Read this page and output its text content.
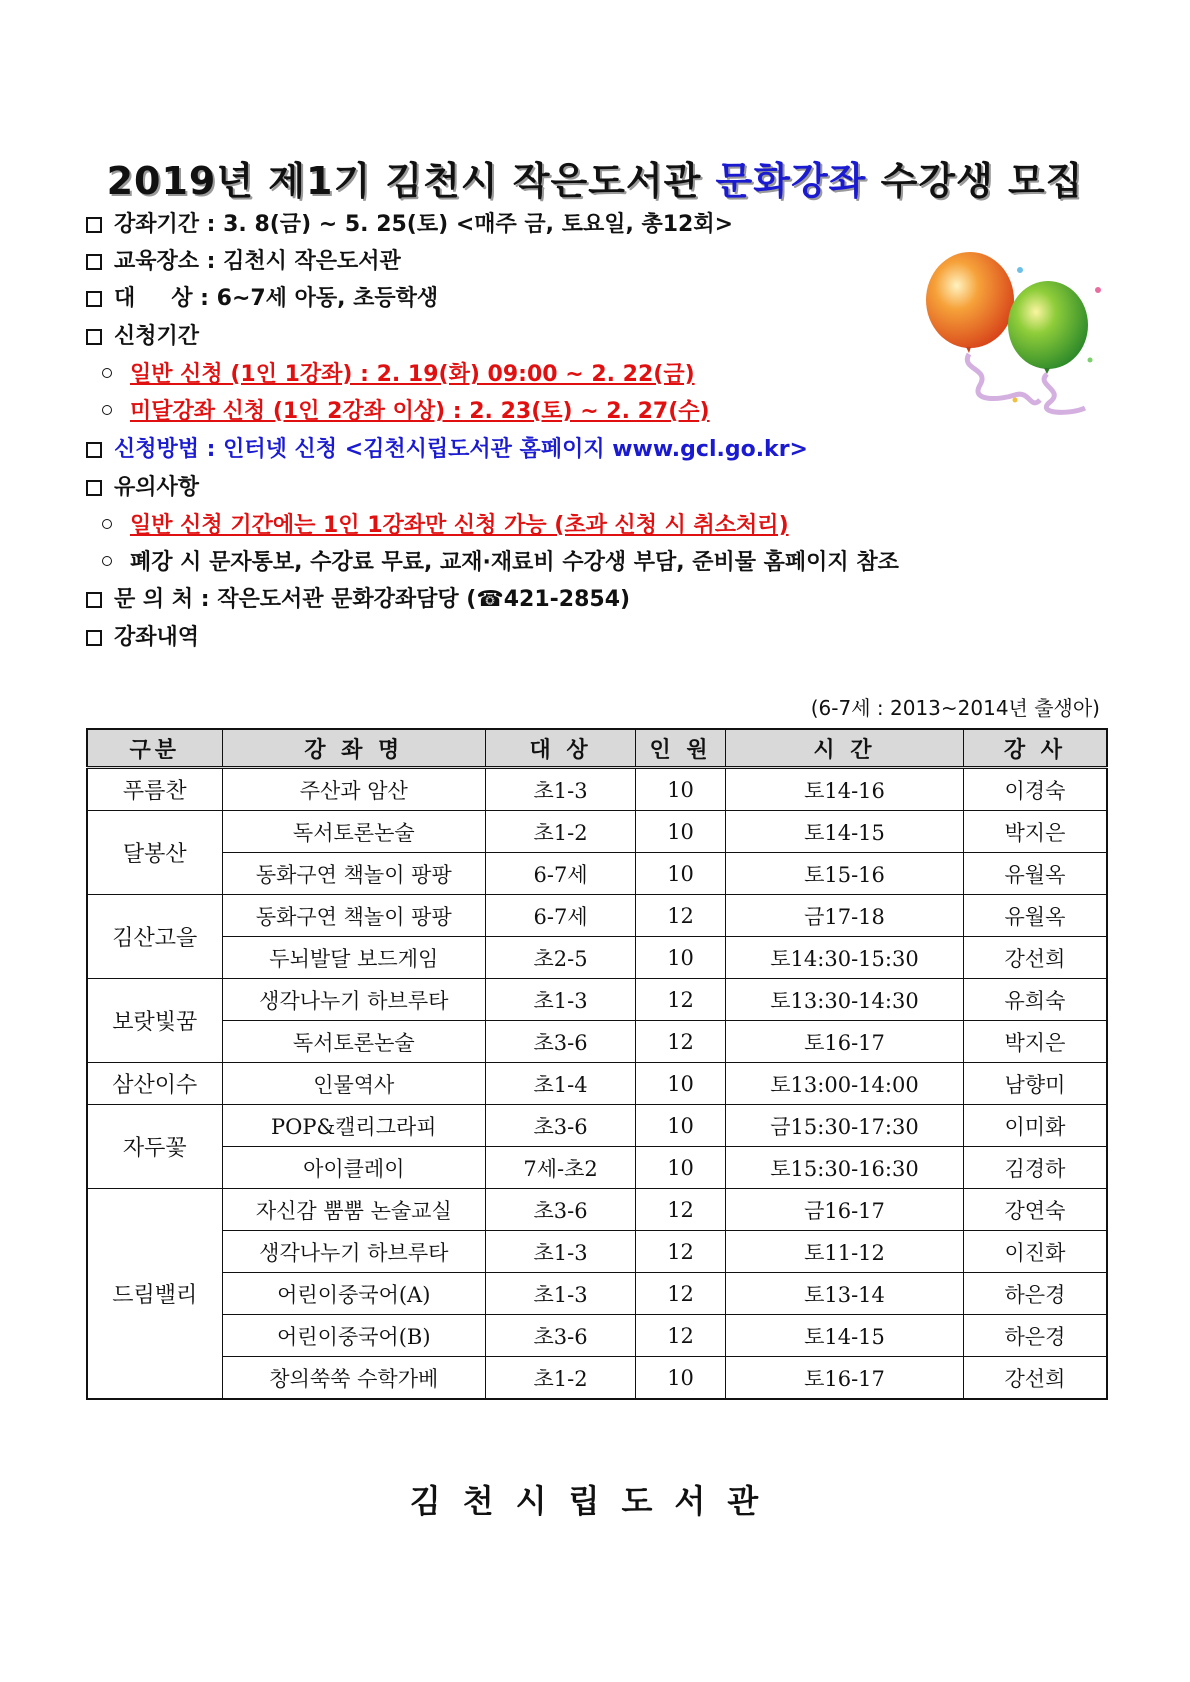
2019년 제1기 김천시 작은도서관 문화강좌 수강생 모집
강좌기간 : 3. 8(금) ~ 5. 25(토) <매주 금, 토요일, 총12회>
교육장소 : 김천시 작은도서관
대 상 : 6~7세 아동, 초등학생
신청기간
일반 신청 (1인 1강좌) : 2. 19(화) 09:00 ~ 2. 22(금)
미달강좌 신청 (1인 2강좌 이상) : 2. 23(토) ~ 2. 27(수)
신청방법 : 인터넷 신청 <김천시립도서관 홈페이지 www.gcl.go.kr>
유의사항
일반 신청 기간에는 1인 1강좌만 신청 가능 (초과 신청 시 취소처리)
폐강 시 문자통보, 수강료 무료, 교재·재료비 수강생 부담, 준비물 홈페이지 참조
문 의 처 : 작은도서관 문화강좌담당 (☎421-2854)
강좌내역
(6-7세 : 2013~2014년 출생아)
구분	강 좌 명	대 상	인 원	시 간	강 사
푸름찬	주산과 암산	초1-3	10	토14-16	이경숙
달봉산	독서토론논술	초1-2	10	토14-15	박지은
	동화구연 책놀이 팡팡	6-7세	10	토15-16	유월옥
김산고을	동화구연 책놀이 팡팡	6-7세	12	금17-18	유월옥
	두뇌발달 보드게임	초2-5	10	토14:30-15:30	강선희
보랏빛꿈	생각나누기 하브루타	초1-3	12	토13:30-14:30	유희숙
	독서토론논술	초3-6	12	토16-17	박지은
삼산이수	인물역사	초1-4	10	토13:00-14:00	남향미
자두꽃	POP&캘리그라피	초3-6	10	금15:30-17:30	이미화
	아이클레이	7세-초2	10	토15:30-16:30	김경하
드림밸리	자신감 뿜뿜 논술교실	초3-6	12	금16-17	강연숙
	생각나누기 하브루타	초1-3	12	토11-12	이진화
	어린이중국어(A)	초1-3	12	토13-14	하은경
	어린이중국어(B)	초3-6	12	토14-15	하은경
	창의쑥쑥 수학가베	초1-2	10	토16-17	강선희
김천시립도서관
